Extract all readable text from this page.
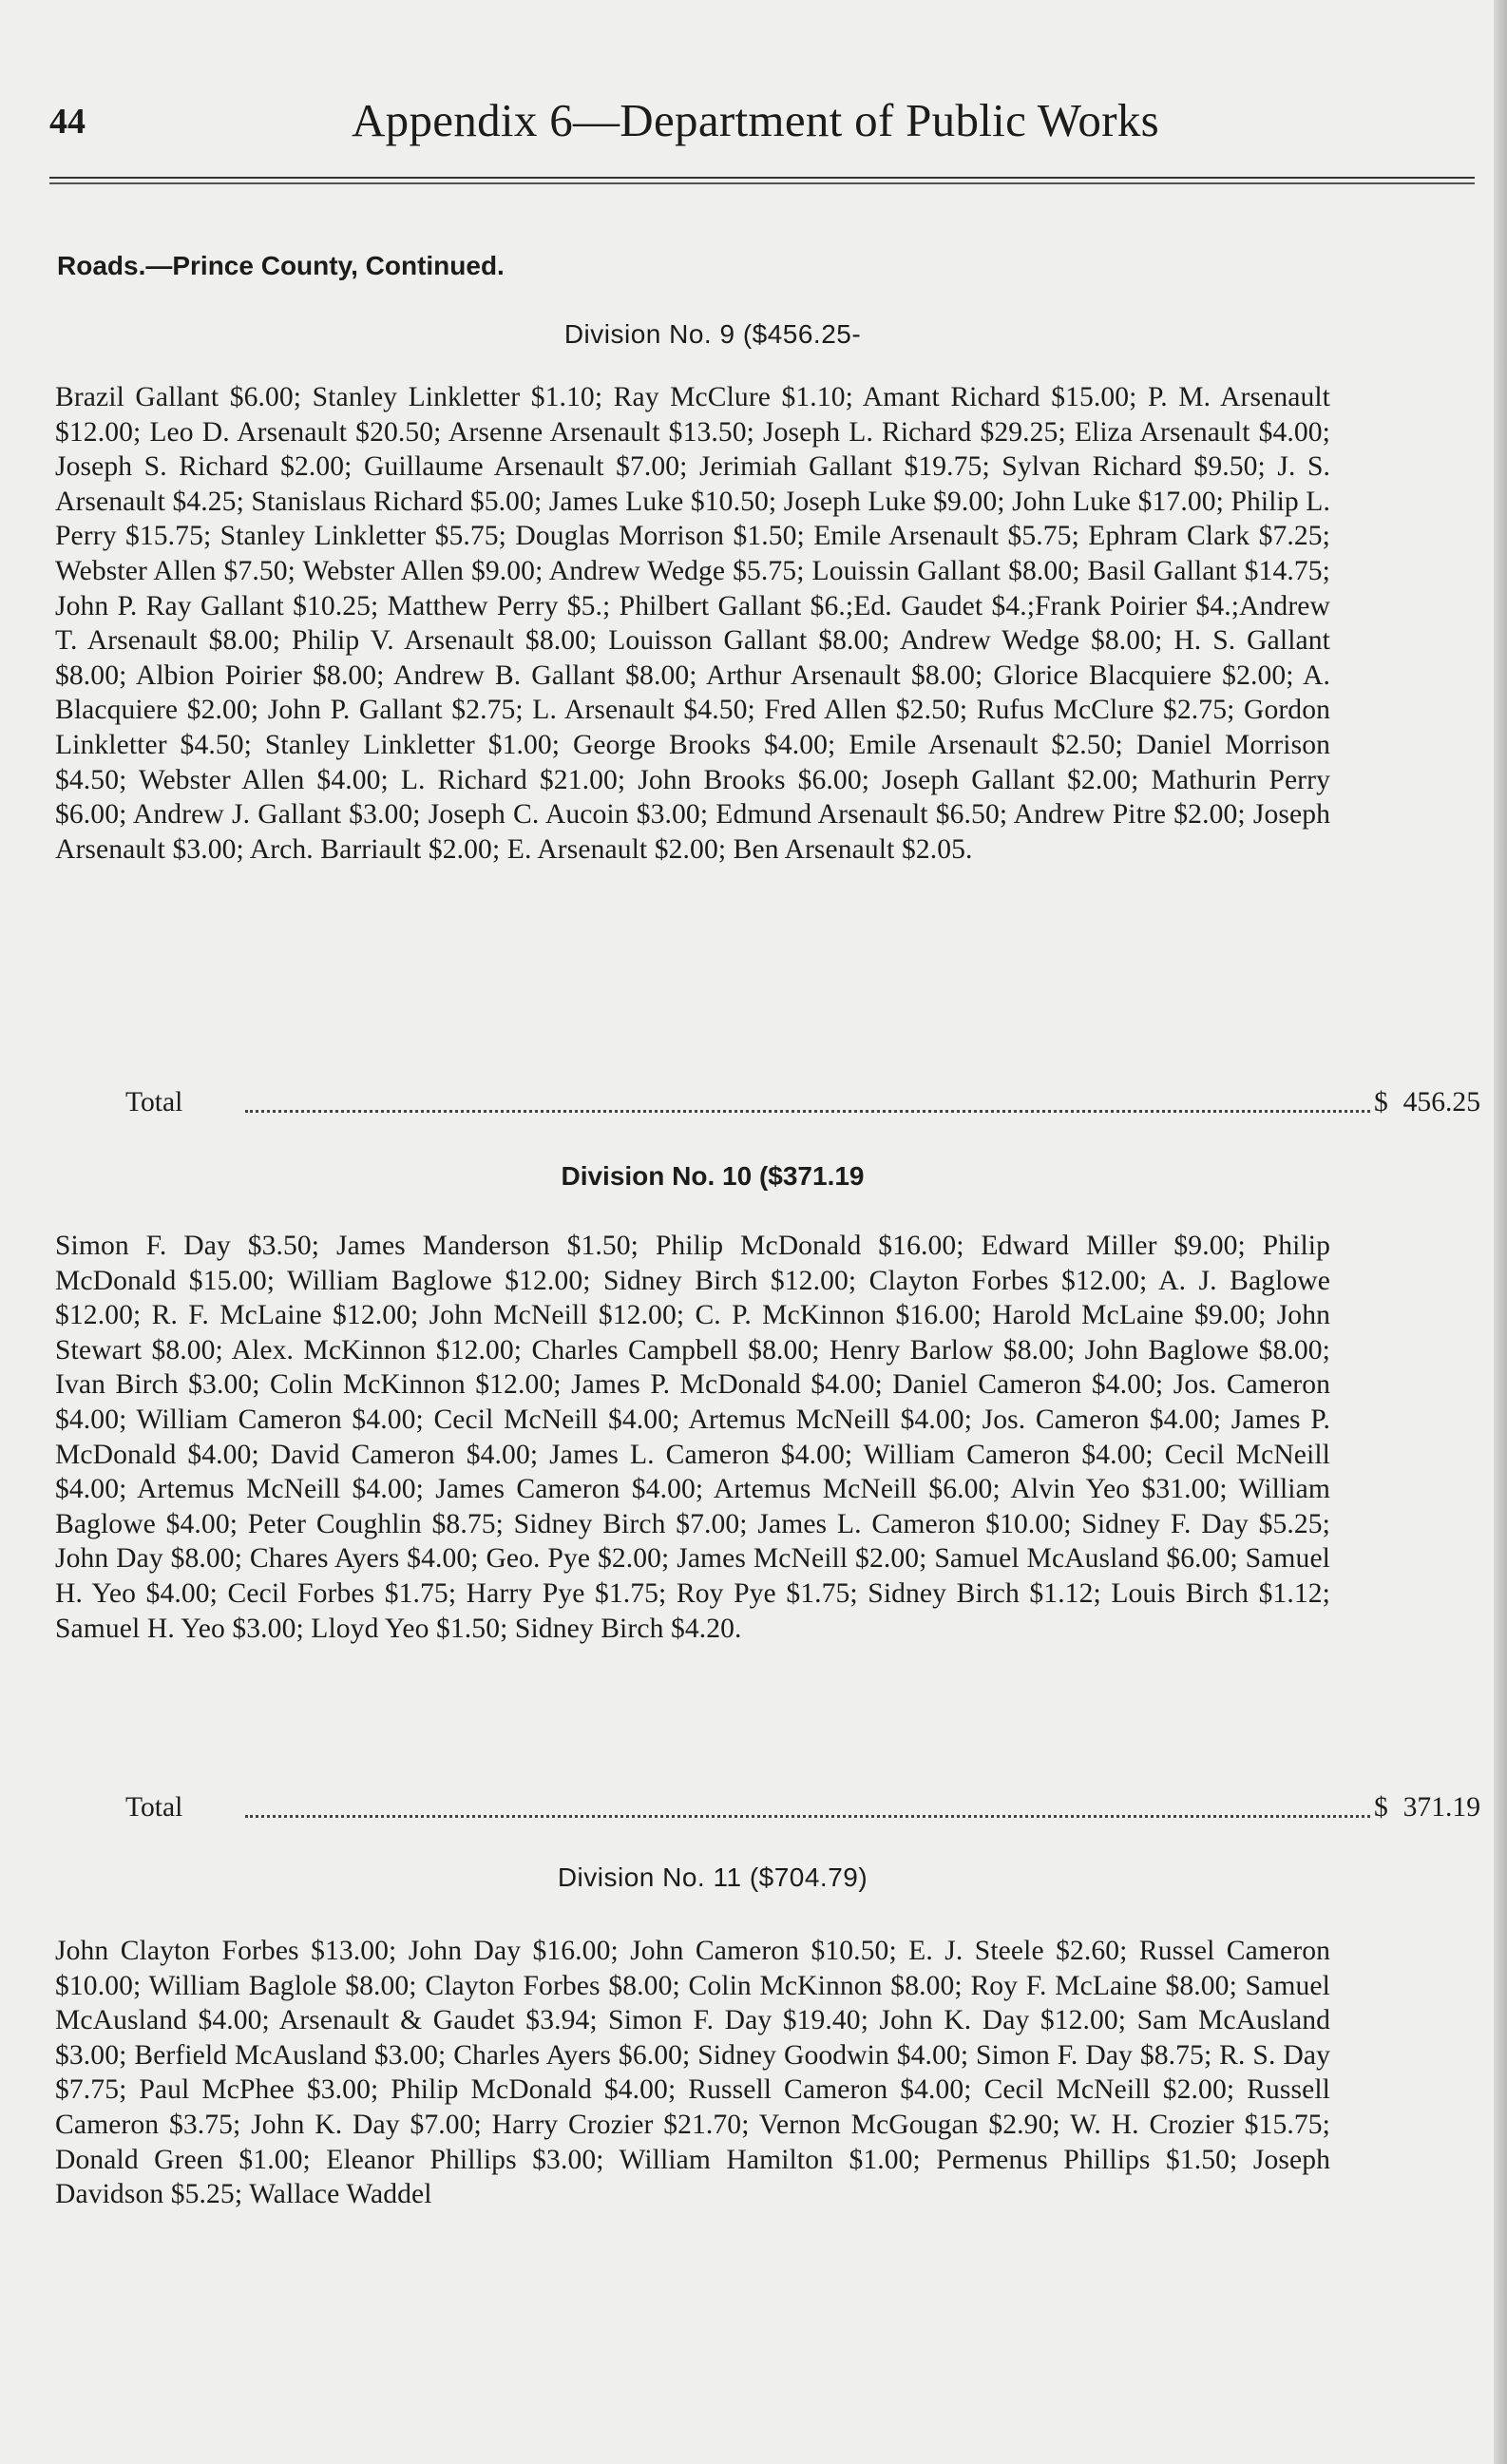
44	Appendix 6—Department of Public Works
Roads.—Prince County, Continued.
Division No. 9 ($456.25-
Brazil Gallant $6.00; Stanley Linkletter $1.10; Ray McClure $1.10; Amant Richard $15.00; P. M. Arsenault $12.00; Leo D. Arsenault $20.50; Arsenne Arsenault $13.50; Joseph L. Richard $29.25; Eliza Arsenault $4.00; Joseph S. Richard $2.00; Guillaume Arsenault $7.00; Jerimiah Gallant $19.75; Sylvan Richard $9.50; J. S. Arsenault $4.25; Stanislaus Richard $5.00; James Luke $10.50; Joseph Luke $9.00; John Luke $17.00; Philip L. Perry $15.75; Stanley Linkletter $5.75; Douglas Morrison $1.50; Emile Arsenault $5.75; Ephram Clark $7.25; Webster Allen $7.50; Webster Allen $9.00; Andrew Wedge $5.75; Louissin Gallant $8.00; Basil Gallant $14.75; John P. Ray Gallant $10.25; Matthew Perry $5.; Philbert Gallant $6.;Ed. Gaudet $4.;Frank Poirier $4.;Andrew T. Arsenault $8.00; Philip V. Arsenault $8.00; Louisson Gallant $8.00; Andrew Wedge $8.00; H. S. Gallant $8.00; Albion Poirier $8.00; Andrew B. Gallant $8.00; Arthur Arsenault $8.00; Glorice Blacquiere $2.00; A. Blacquiere $2.00; John P. Gallant $2.75; L. Arsenault $4.50; Fred Allen $2.50; Rufus McClure $2.75; Gordon Linkletter $4.50; Stanley Linkletter $1.00; George Brooks $4.00; Emile Arsenault $2.50; Daniel Morrison $4.50; Webster Allen $4.00; L. Richard $21.00; John Brooks $6.00; Joseph Gallant $2.00; Mathurin Perry $6.00; Andrew J. Gallant $3.00; Joseph C. Aucoin $3.00; Edmund Arsenault $6.50; Andrew Pitre $2.00; Joseph Arsenault $3.00; Arch. Barriault $2.00; E. Arsenault $2.00; Ben Arsenault $2.05.
Total	$ 456.25
Division No. 10 ($371.19
Simon F. Day $3.50; James Manderson $1.50; Philip McDonald $16.00; Edward Miller $9.00; Philip McDonald $15.00; William Baglowe $12.00; Sidney Birch $12.00; Clayton Forbes $12.00; A. J. Baglowe $12.00; R. F. McLaine $12.00; John McNeill $12.00; C. P. McKinnon $16.00; Harold McLaine $9.00; John Stewart $8.00; Alex. McKinnon $12.00; Charles Campbell $8.00; Henry Barlow $8.00; John Baglowe $8.00; Ivan Birch $3.00; Colin McKinnon $12.00; James P. McDonald $4.00; Daniel Cameron $4.00; Jos. Cameron $4.00; William Cameron $4.00; Cecil McNeill $4.00; Artemus McNeill $4.00; Jos. Cameron $4.00; James P. McDonald $4.00; David Cameron $4.00; James L. Cameron $4.00; William Cameron $4.00; Cecil McNeill $4.00; Artemus McNeill $4.00; James Cameron $4.00; Artemus McNeill $6.00; Alvin Yeo $31.00; William Baglowe $4.00; Peter Coughlin $8.75; Sidney Birch $7.00; James L. Cameron $10.00; Sidney F. Day $5.25; John Day $8.00; Chares Ayers $4.00; Geo. Pye $2.00; James McNeill $2.00; Samuel McAusland $6.00; Samuel H. Yeo $4.00; Cecil Forbes $1.75; Harry Pye $1.75; Roy Pye $1.75; Sidney Birch $1.12; Louis Birch $1.12; Samuel H. Yeo $3.00; Lloyd Yeo $1.50; Sidney Birch $4.20.
Total	$ 371.19
Division No. 11 ($704.79)
John Clayton Forbes $13.00; John Day $16.00; John Cameron $10.50; E. J. Steele $2.60; Russel Cameron $10.00; William Baglole $8.00; Clayton Forbes $8.00; Colin McKinnon $8.00; Roy F. McLaine $8.00; Samuel McAusland $4.00; Arsenault & Gaudet $3.94; Simon F. Day $19.40; John K. Day $12.00; Sam McAusland $3.00; Berfield McAusland $3.00; Charles Ayers $6.00; Sidney Goodwin $4.00; Simon F. Day $8.75; R. S. Day $7.75; Paul McPhee $3.00; Philip McDonald $4.00; Russell Cameron $4.00; Cecil McNeill $2.00; Russell Cameron $3.75; John K. Day $7.00; Harry Crozier $21.70; Vernon McGougan $2.90; W. H. Crozier $15.75; Donald Green $1.00; Eleanor Phillips $3.00; William Hamilton $1.00; Permenus Phillips $1.50; Joseph Davidson $5.25; Wallace Waddel
